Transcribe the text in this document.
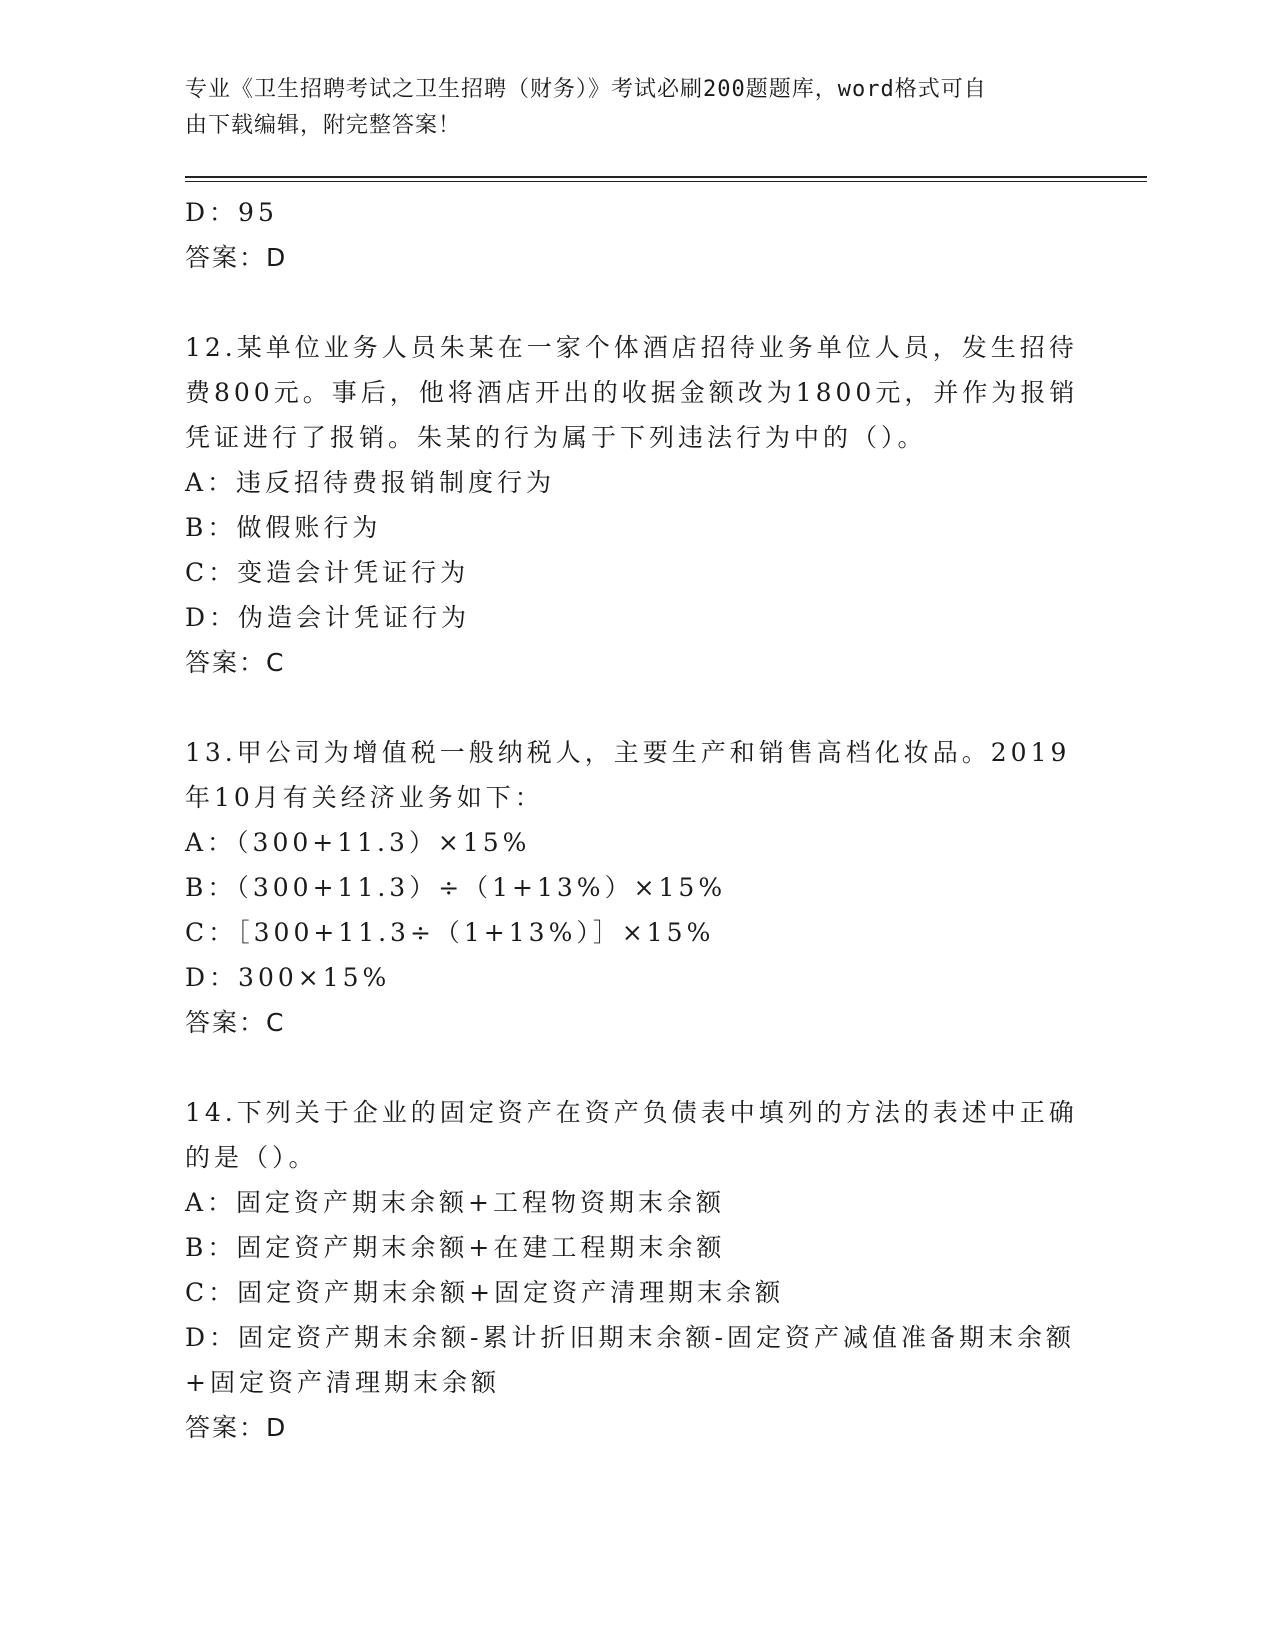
专业《卫生招聘考试之卫生招聘（财务）》考试必刷200题题库，word格式可自
由下载编辑，附完整答案！
D：95
答案：D
12.某单位业务人员朱某在一家个体酒店招待业务单位人员，发生招待
费800元。事后，他将酒店开出的收据金额改为1800元，并作为报销
凭证进行了报销。朱某的行为属于下列违法行为中的（）。
A：违反招待费报销制度行为
B：做假账行为
C：变造会计凭证行为
D：伪造会计凭证行为
答案：C
13.甲公司为增值税一般纳税人，主要生产和销售高档化妆品。2019
年10月有关经济业务如下：
A：（300+11.3）×15%
B：（300+11.3）÷（1+13%）×15%
C：［300+11.3÷（1+13%）］×15%
D：300×15%
答案：C
14.下列关于企业的固定资产在资产负债表中填列的方法的表述中正确
的是（）。
A：固定资产期末余额+工程物资期末余额
B：固定资产期末余额+在建工程期末余额
C：固定资产期末余额+固定资产清理期末余额
D：固定资产期末余额-累计折旧期末余额-固定资产减值准备期末余额
+固定资产清理期末余额
答案：D
